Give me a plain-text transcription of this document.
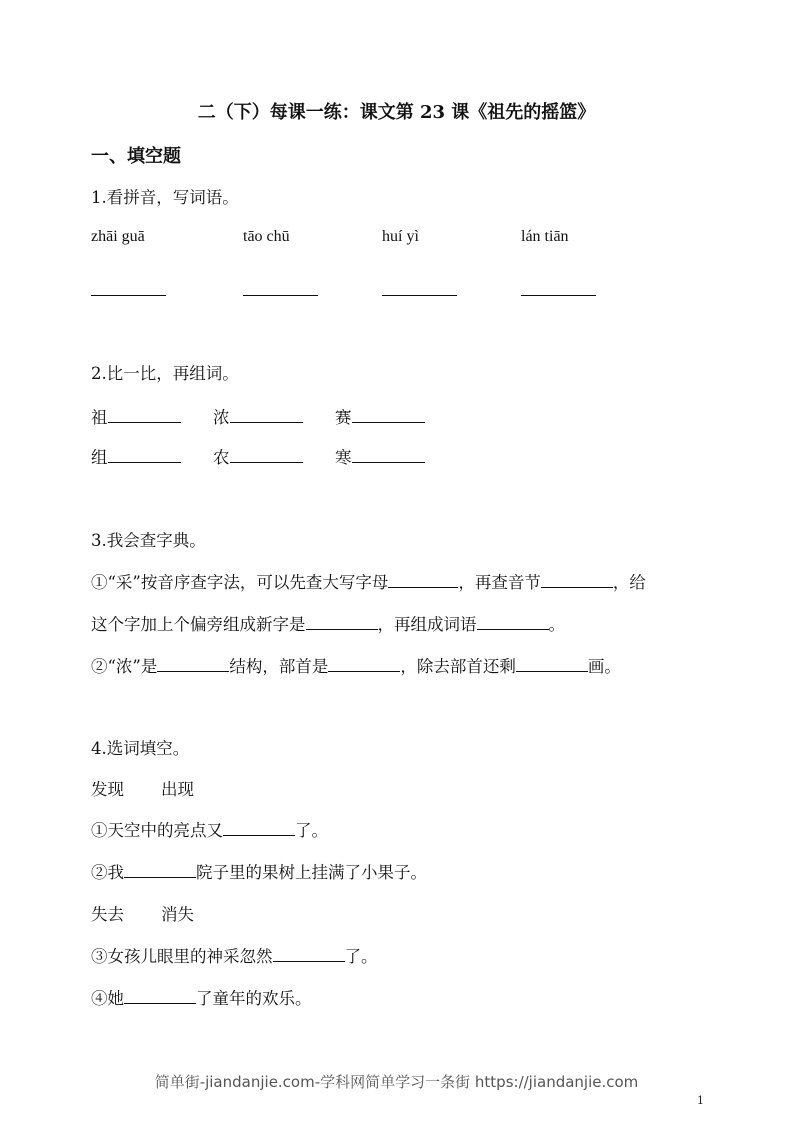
二（下）每课一练：课文第 23 课《祖先的摇篮》
一、填空题
1.看拼音，写词语。
zhāi guā	tāo chū	huí yì	lán tiān
2.比一比，再组词。
祖	浓	赛
组	农	寒
3.我会查字典。
①“采”按音序查字法，可以先查大写字母	，再查音节	，给
这个字加上个偏旁组成新字是	，再组成词语	。
②“浓”是	结构，部首是	，除去部首还剩	画。
4.选词填空。
发现 出现
①天空中的亮点又	了。
②我	院子里的果树上挂满了小果子。
失去 消失
③女孩儿眼里的神采忽然	了。
④她	了童年的欢乐。
简单街-jiandanjie.com-学科网简单学习一条街 https://jiandanjie.com
1
